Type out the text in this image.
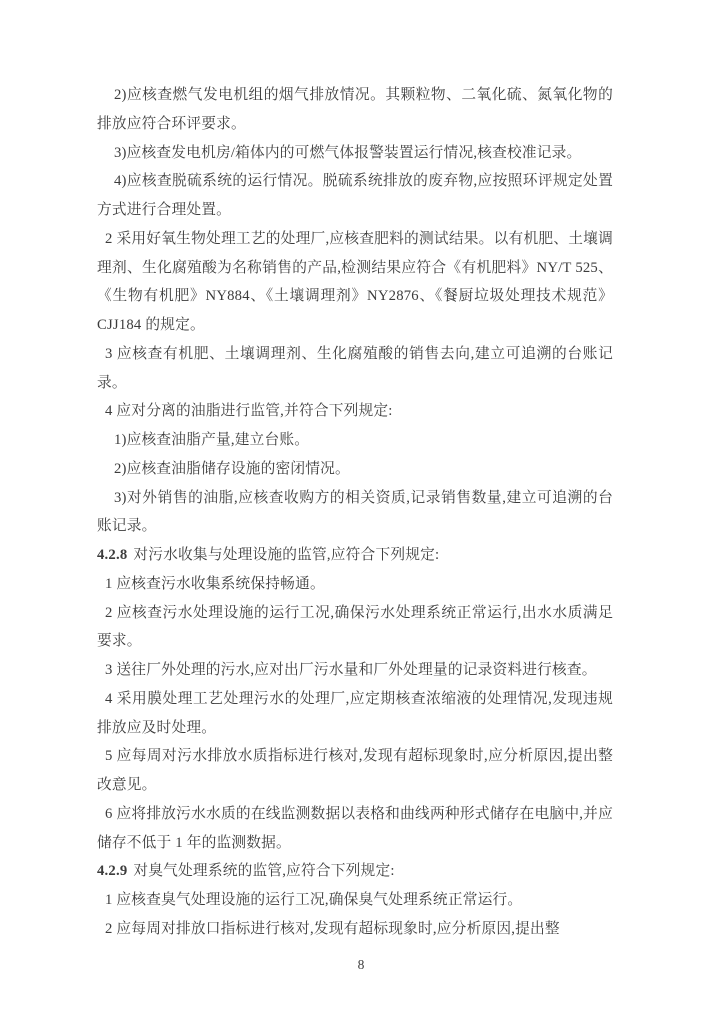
2)应核查燃气发电机组的烟气排放情况。其颗粒物、二氧化硫、氮氧化物的排放应符合环评要求。

3)应核查发电机房/箱体内的可燃气体报警装置运行情况,核查校准记录。

4)应核查脱硫系统的运行情况。脱硫系统排放的废弃物,应按照环评规定处置方式进行合理处置。

2 采用好氧生物处理工艺的处理厂,应核查肥料的测试结果。以有机肥、土壤调理剂、生化腐殖酸为名称销售的产品,检测结果应符合《有机肥料》NY/T 525、《生物有机肥》NY884、《土壤调理剂》NY2876、《餐厨垃圾处理技术规范》CJJ184 的规定。

3 应核查有机肥、土壤调理剂、生化腐殖酸的销售去向,建立可追溯的台账记录。

4 应对分离的油脂进行监管,并符合下列规定:

1)应核查油脂产量,建立台账。

2)应核查油脂储存设施的密闭情况。

3)对外销售的油脂,应核查收购方的相关资质,记录销售数量,建立可追溯的台账记录。

4.2.8 对污水收集与处理设施的监管,应符合下列规定:

1 应核查污水收集系统保持畅通。

2 应核查污水处理设施的运行工况,确保污水处理系统正常运行,出水水质满足要求。

3 送往厂外处理的污水,应对出厂污水量和厂外处理量的记录资料进行核查。

4 采用膜处理工艺处理污水的处理厂,应定期核查浓缩液的处理情况,发现违规排放应及时处理。

5 应每周对污水排放水质指标进行核对,发现有超标现象时,应分析原因,提出整改意见。

6 应将排放污水水质的在线监测数据以表格和曲线两种形式储存在电脑中,并应储存不低于 1 年的监测数据。

4.2.9 对臭气处理系统的监管,应符合下列规定:

1 应核查臭气处理设施的运行工况,确保臭气处理系统正常运行。

2 应每周对排放口指标进行核对,发现有超标现象时,应分析原因,提出整

8
